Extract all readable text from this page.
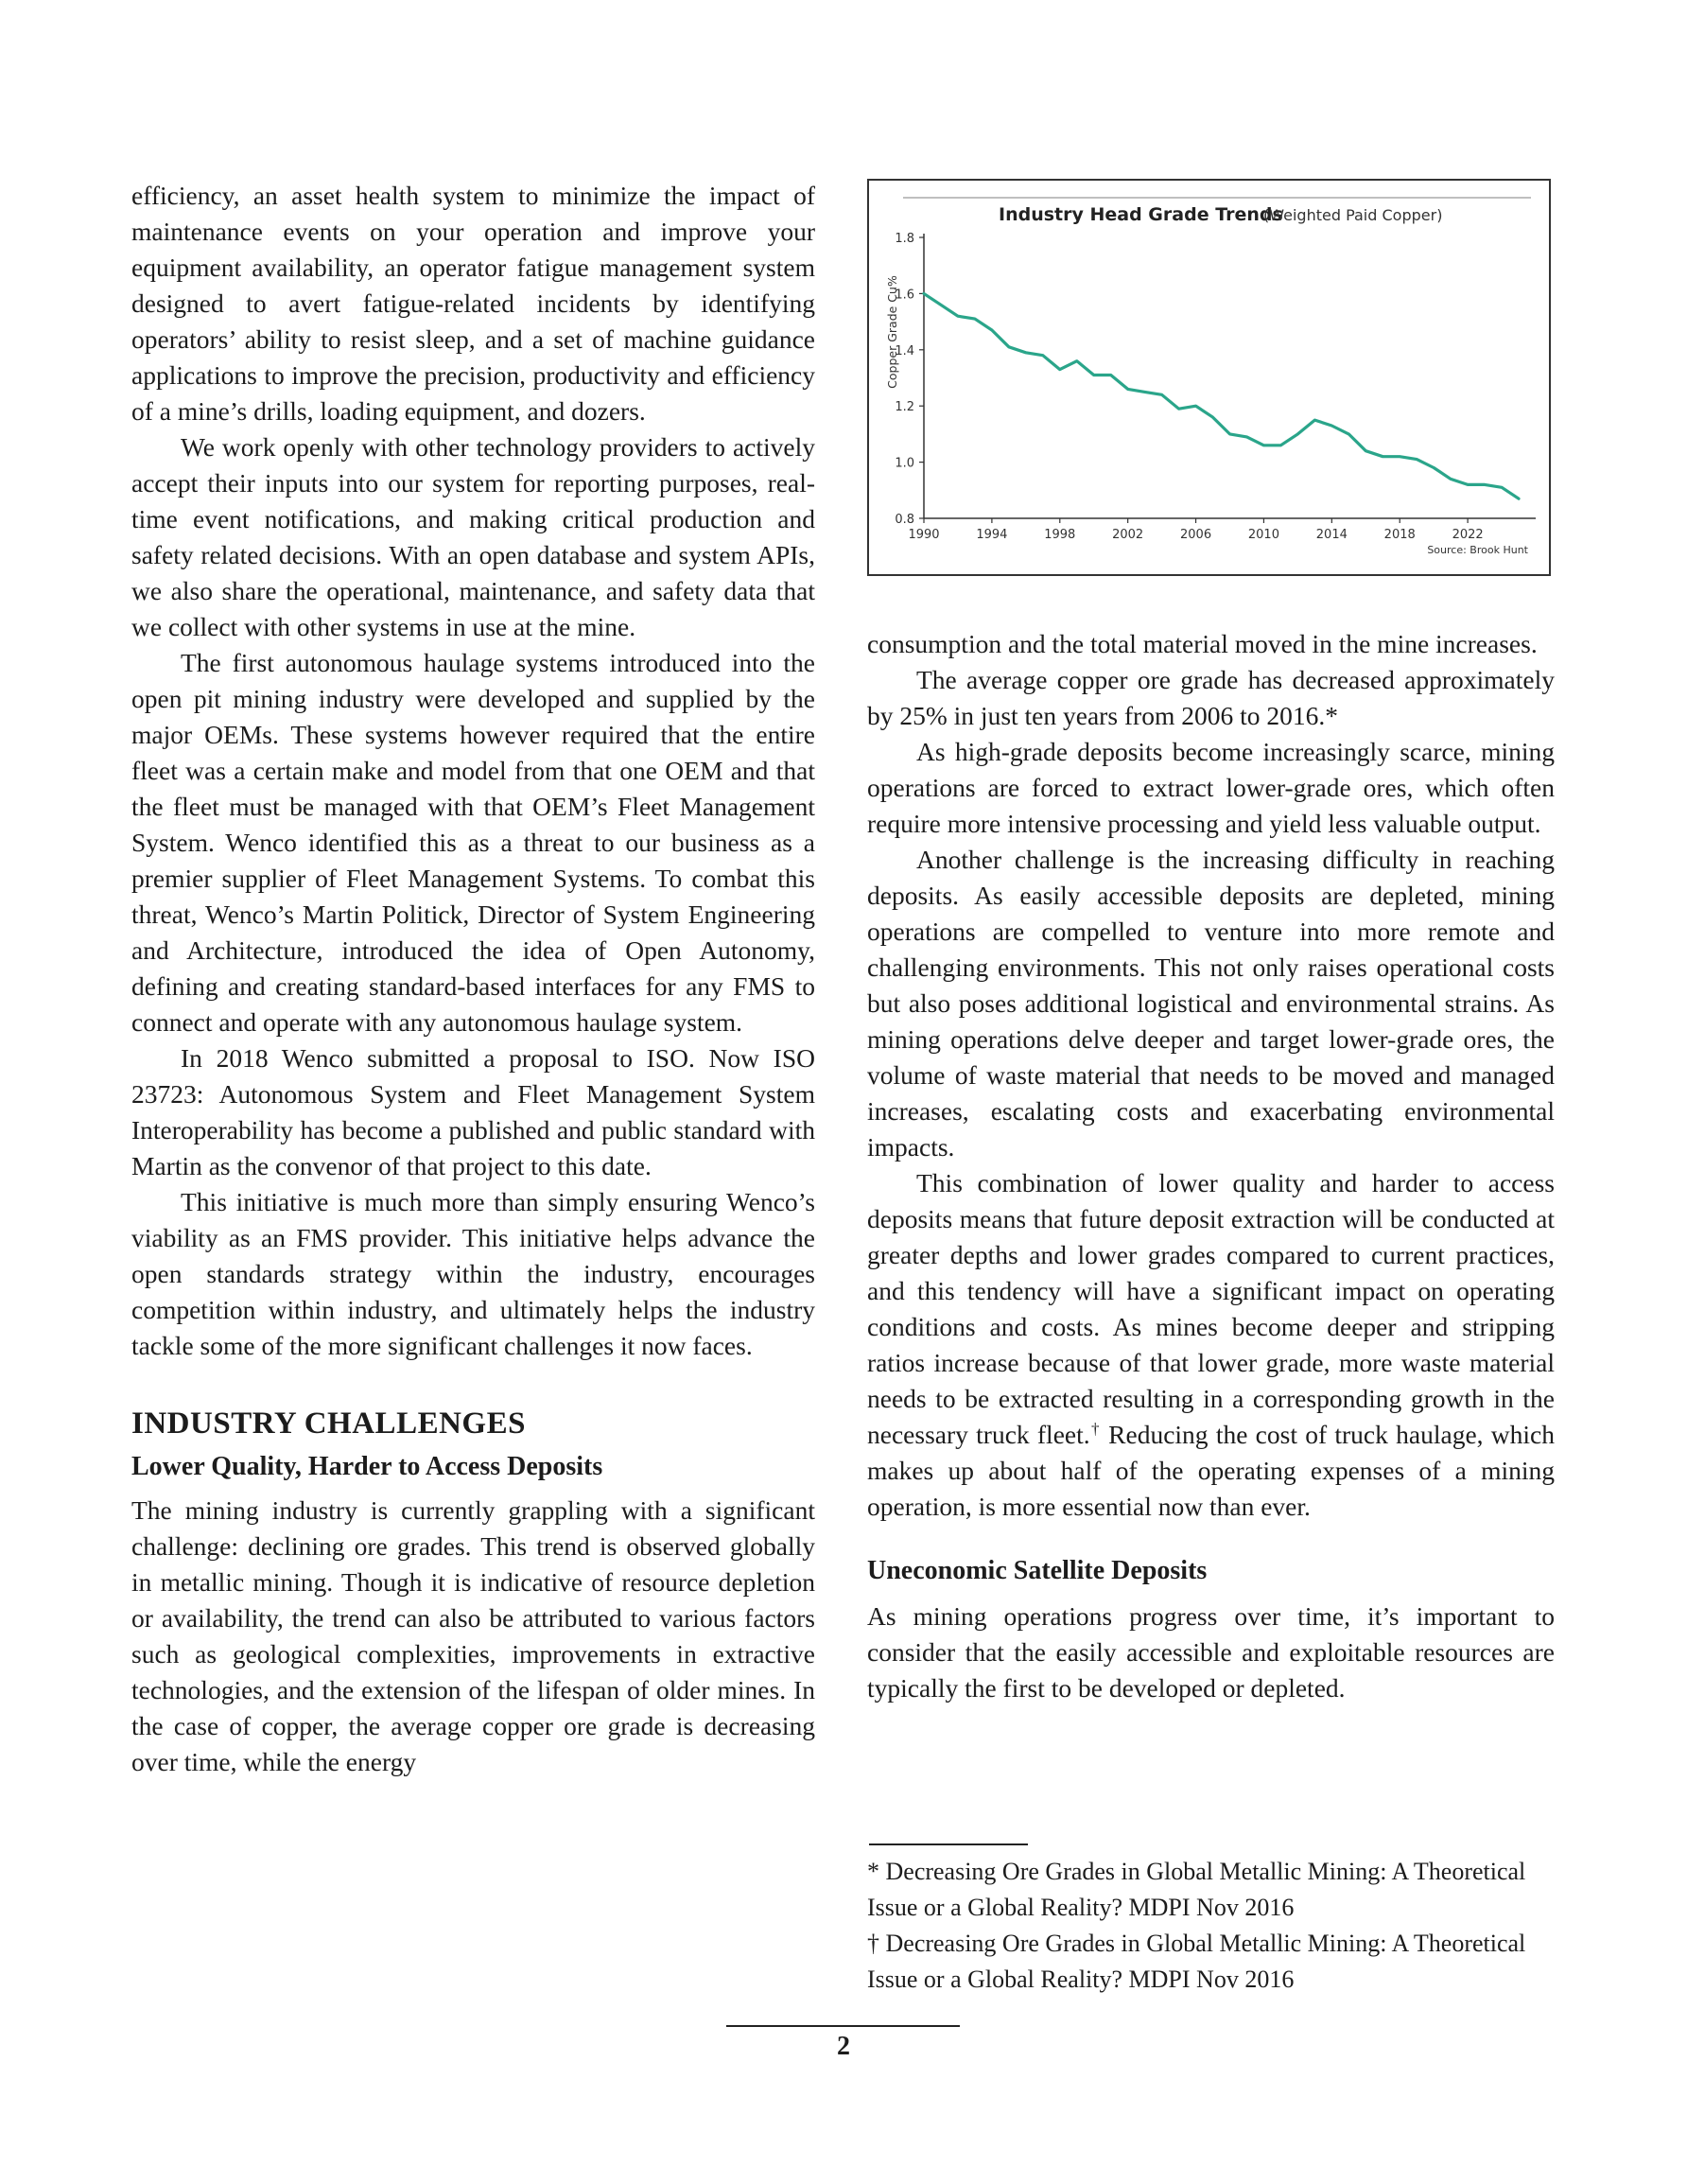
efficiency, an asset health system to minimize the impact of maintenance events on your operation and improve your equipment availability, an operator fatigue management system designed to avert fatigue-related incidents by identifying operators’ ability to resist sleep, and a set of machine guidance applications to improve the precision, productivity and efficiency of a mine’s drills, loading equipment, and dozers.

We work openly with other technology providers to actively accept their inputs into our system for reporting purposes, real-time event notifications, and making critical production and safety related decisions. With an open database and system APIs, we also share the operational, maintenance, and safety data that we collect with other systems in use at the mine.

The first autonomous haulage systems introduced into the open pit mining industry were developed and supplied by the major OEMs. These systems however required that the entire fleet was a certain make and model from that one OEM and that the fleet must be managed with that OEM’s Fleet Management System. Wenco identified this as a threat to our business as a premier supplier of Fleet Management Systems. To combat this threat, Wenco’s Martin Politick, Director of System Engineering and Architecture, introduced the idea of Open Autonomy, defining and creating standard-based interfaces for any FMS to connect and operate with any autonomous haulage system.

In 2018 Wenco submitted a proposal to ISO. Now ISO 23723: Autonomous System and Fleet Management System Interoperability has become a published and public standard with Martin as the convenor of that project to this date.

This initiative is much more than simply ensuring Wenco’s viability as an FMS provider. This initiative helps advance the open standards strategy within the industry, encourages competition within industry, and ultimately helps the industry tackle some of the more significant challenges it now faces.

INDUSTRY CHALLENGES
Lower Quality, Harder to Access Deposits

The mining industry is currently grappling with a significant challenge: declining ore grades. This trend is observed globally in metallic mining. Though it is indicative of resource depletion or availability, the trend can also be attributed to various factors such as geological complexities, improvements in extractive technologies, and the extension of the lifespan of older mines. In the case of copper, the average copper ore grade is decreasing over time, while the energy

Industry Head Grade Trends
(Weighted Paid Copper)
Copper Grade Cu%
Source: Brook Hunt
0.8
1.0
1.2
1.4
1.6
1.8
1990	1994	1998	2002	2006	2010	2014	2018	2022

consumption and the total material moved in the mine increases.

The average copper ore grade has decreased approximately by 25% in just ten years from 2006 to 2016.*

As high-grade deposits become increasingly scarce, mining operations are forced to extract lower-grade ores, which often require more intensive processing and yield less valuable output.

Another challenge is the increasing difficulty in reaching deposits. As easily accessible deposits are depleted, mining operations are compelled to venture into more remote and challenging environments. This not only raises operational costs but also poses additional logistical and environmental strains. As mining operations delve deeper and target lower-grade ores, the volume of waste material that needs to be moved and managed increases, escalating costs and exacerbating environmental impacts.

This combination of lower quality and harder to access deposits means that future deposit extraction will be conducted at greater depths and lower grades compared to current practices, and this tendency will have a significant impact on operating conditions and costs. As mines become deeper and stripping ratios increase because of that lower grade, more waste material needs to be extracted resulting in a corresponding growth in the necessary truck fleet.† Reducing the cost of truck haulage, which makes up about half of the operating expenses of a mining operation, is more essential now than ever.

Uneconomic Satellite Deposits

As mining operations progress over time, it’s important to consider that the easily accessible and exploitable resources are typically the first to be developed or depleted.

* Decreasing Ore Grades in Global Metallic Mining: A Theoretical Issue or a Global Reality? MDPI Nov 2016
† Decreasing Ore Grades in Global Metallic Mining: A Theoretical Issue or a Global Reality? MDPI Nov 2016
2
